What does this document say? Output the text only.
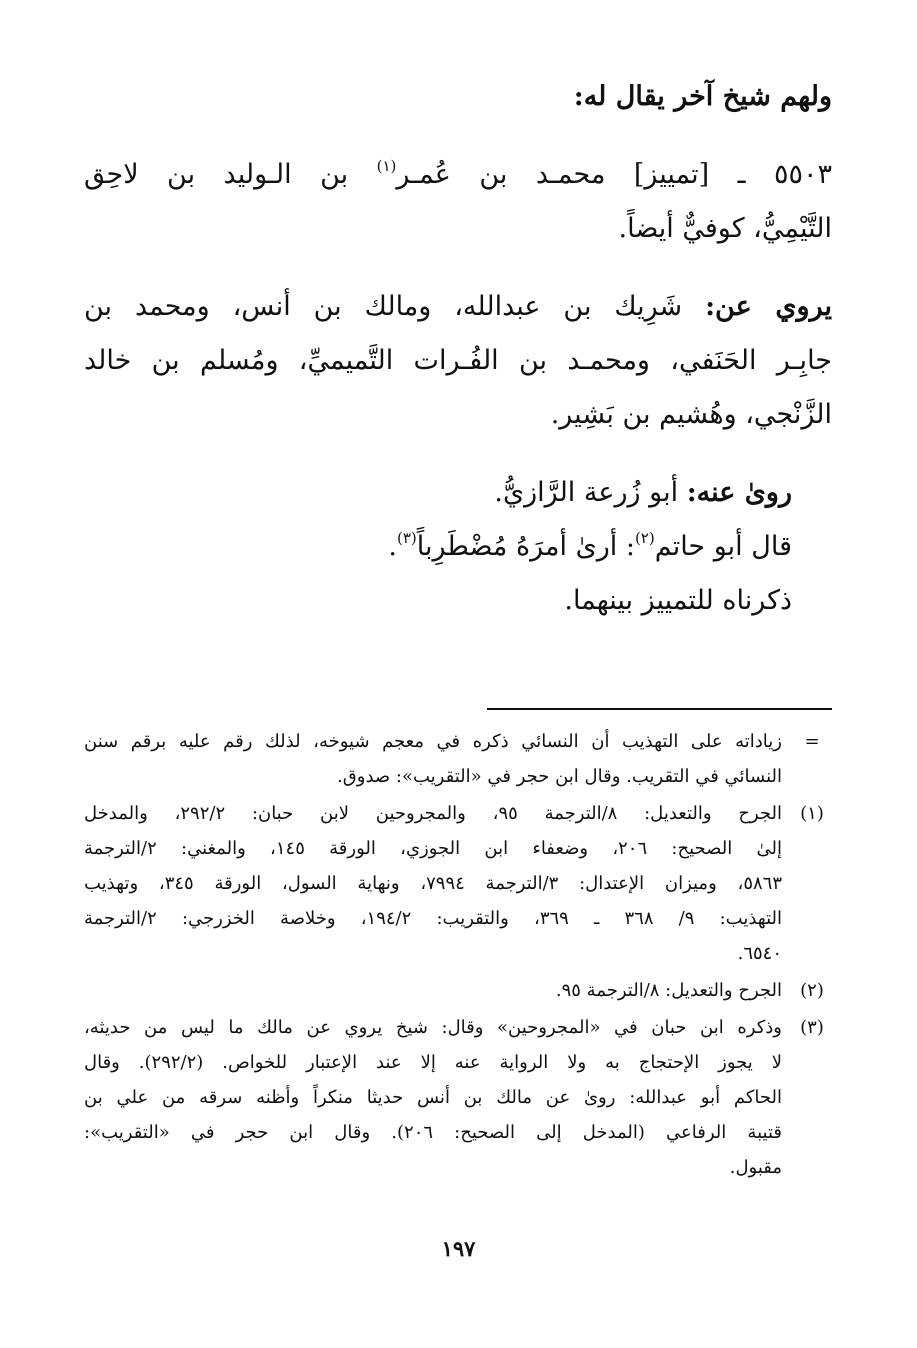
ولهم شيخ آخر يقال له:
٥٥٠٣ ـ [تمييز] محمـد بن عُمـر$^{(١)}$ بن الـوليد بن لاحِق
التَّيْمِيُّ، كوفيٌّ أيضاً.
يروي عن: شَرِيك بن عبدالله، ومالك بن أنس، ومحمد بن
جابِـر الحَنَفي، ومحمـد بن الفُـرات التَّميميِّ، ومُسلم بن خالد
الزَّنْجي، وهُشيم بن بَشِير.
روىٰ عنه: أبو زُرعة الرَّازيُّ.
قال أبو حاتم$^{(٢)}$: أرىٰ أمرَهُ مُضْطَرِباً$^{(٣)}$.
ذكرناه للتمييز بينهما.
=
زياداته على التهذيب أن النسائي ذكره في معجم شيوخه، لذلك رقم عليه برقم سنن
النسائي في التقريب. وقال ابن حجر في «التقريب»: صدوق.
(١)
الجرح والتعديل: ٨/الترجمة ٩٥، والمجروحين لابن حبان: ٢٩٢/٢، والمدخل
إلىٰ الصحيح: ٢٠٦، وضعفاء ابن الجوزي، الورقة ١٤٥، والمغني: ٢/الترجمة
٥٨٦٣، وميزان الإعتدال: ٣/الترجمة ٧٩٩٤، ونهاية السول، الورقة ٣٤٥، وتهذيب
التهذيب: ٩/ ٣٦٨ ـ ٣٦٩، والتقريب: ١٩٤/٢، وخلاصة الخزرجي: ٢/الترجمة
٦٥٤٠.
(٢)
الجرح والتعديل: ٨/الترجمة ٩٥.
(٣)
وذكره ابن حبان في «المجروحين» وقال: شيخ يروي عن مالك ما ليس من حديثه،
لا يجوز الإحتجاج به ولا الرواية عنه إلا عند الإعتبار للخواص. (٢٩٢/٢). وقال
الحاكم أبو عبدالله: روىٰ عن مالك بن أنس حديثا منكراً وأظنه سرقه من علي بن
قتيبة الرفاعي (المدخل إلى الصحيح: ٢٠٦). وقال ابن حجر في «التقريب»:
مقبول.
١٩٧
